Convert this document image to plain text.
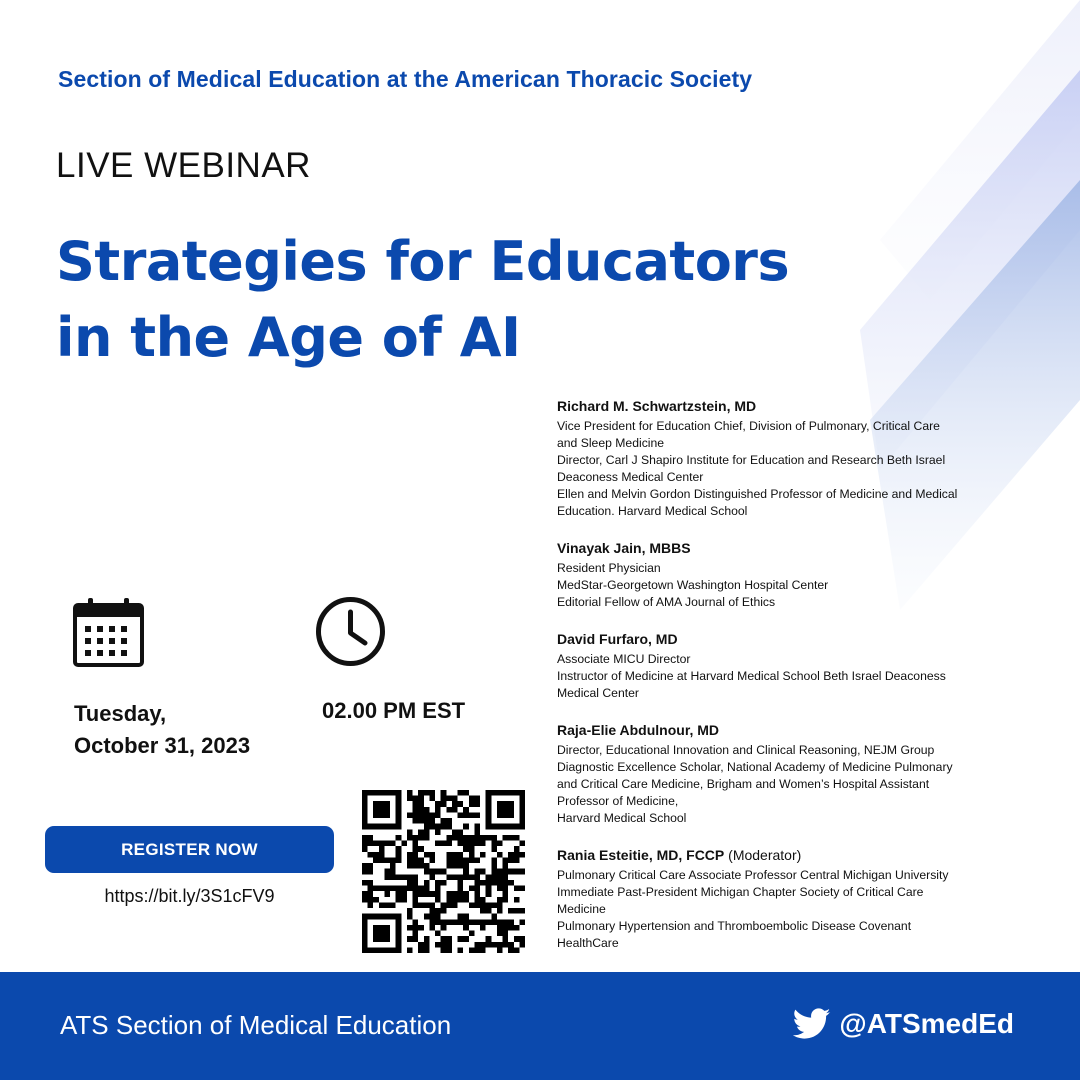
Section of Medical Education at the American Thoracic Society
LIVE WEBINAR
Strategies for Educators
in the Age of AI
Richard M. Schwartzstein, MD
Vice President for Education Chief, Division of Pulmonary, Critical Care
and Sleep Medicine
Director, Carl J Shapiro Institute for Education and Research Beth Israel
Deaconess Medical Center
Ellen and Melvin Gordon Distinguished Professor of Medicine and Medical
Education. Harvard Medical School
Vinayak Jain, MBBS
Resident Physician
MedStar-Georgetown Washington Hospital Center
Editorial Fellow of AMA Journal of Ethics
David Furfaro, MD
Associate MICU Director
Instructor of Medicine at Harvard Medical School Beth Israel Deaconess
Medical Center
Raja-Elie Abdulnour, MD
Director, Educational Innovation and Clinical Reasoning, NEJM Group
Diagnostic Excellence Scholar, National Academy of Medicine Pulmonary
and Critical Care Medicine, Brigham and Women’s Hospital Assistant
Professor of Medicine,
Harvard Medical School
Rania Esteitie, MD, FCCP (Moderator)
Pulmonary Critical Care Associate Professor Central Michigan University
Immediate Past-President Michigan Chapter Society of Critical Care
Medicine
Pulmonary Hypertension and Thromboembolic Disease Covenant
HealthCare
Tuesday,
October 31, 2023
02.00 PM EST
REGISTER NOW
https://bit.ly/3S1cFV9
ATS Section of Medical Education	@ATSmedEd
